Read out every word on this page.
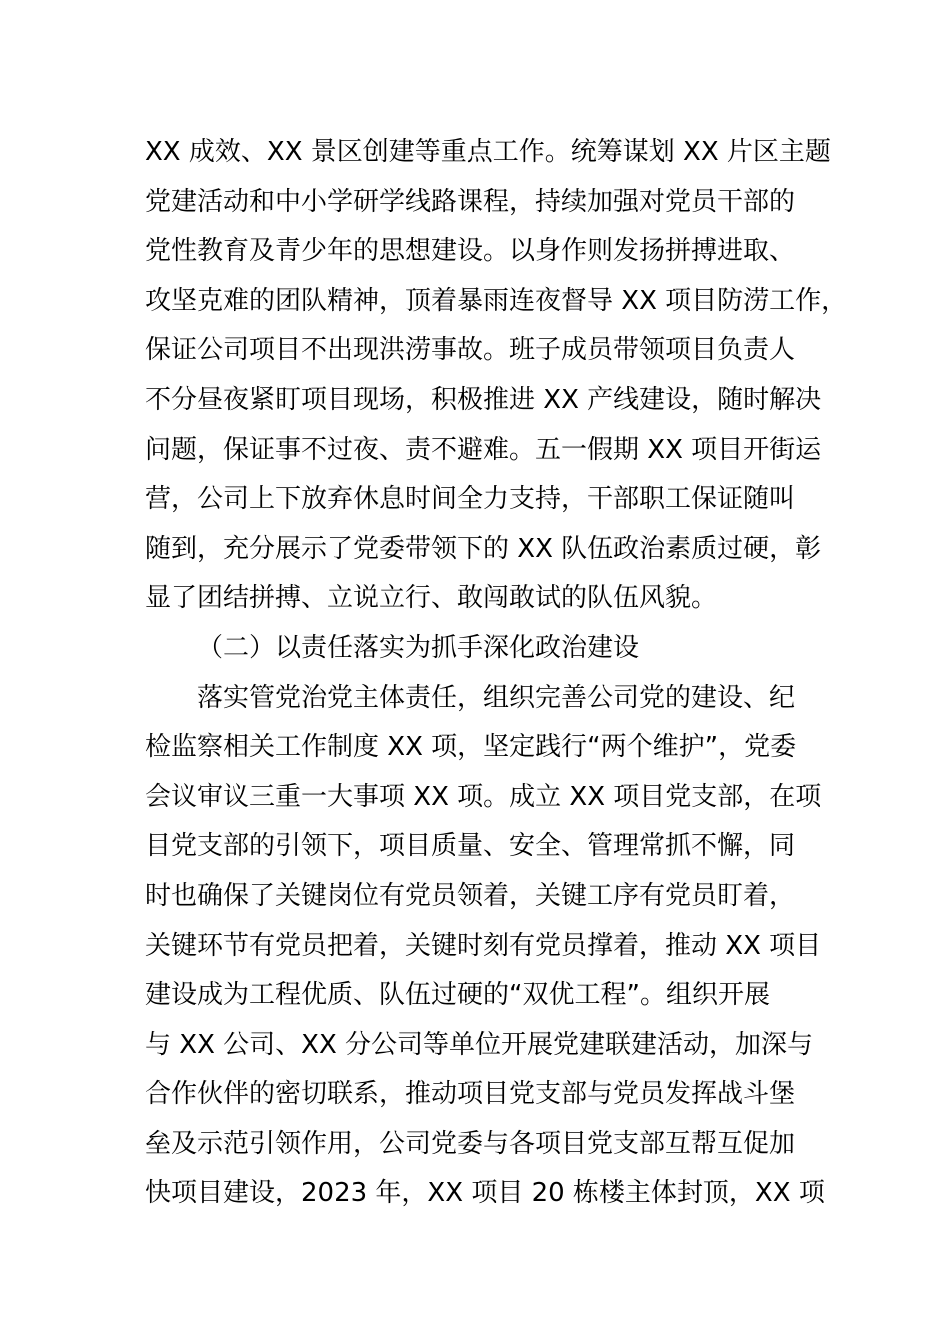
XX 成效、XX 景区创建等重点工作。统筹谋划 XX 片区主题
党建活动和中小学研学线路课程，持续加强对党员干部的
党性教育及青少年的思想建设。以身作则发扬拼搏进取、
攻坚克难的团队精神，顶着暴雨连夜督导 XX 项目防涝工作，
保证公司项目不出现洪涝事故。班子成员带领项目负责人
不分昼夜紧盯项目现场，积极推进 XX 产线建设，随时解决
问题，保证事不过夜、责不避难。五一假期 XX 项目开街运
营，公司上下放弃休息时间全力支持，干部职工保证随叫
随到，充分展示了党委带领下的 XX 队伍政治素质过硬，彰
显了团结拼搏、立说立行、敢闯敢试的队伍风貌。
（二）以责任落实为抓手深化政治建设
落实管党治党主体责任，组织完善公司党的建设、纪
检监察相关工作制度 XX 项，坚定践行“两个维护”，党委
会议审议三重一大事项 XX 项。成立 XX 项目党支部，在项
目党支部的引领下，项目质量、安全、管理常抓不懈，同
时也确保了关键岗位有党员领着，关键工序有党员盯着，
关键环节有党员把着，关键时刻有党员撑着，推动 XX 项目
建设成为工程优质、队伍过硬的“双优工程”。组织开展
与 XX 公司、XX 分公司等单位开展党建联建活动，加深与
合作伙伴的密切联系，推动项目党支部与党员发挥战斗堡
垒及示范引领作用，公司党委与各项目党支部互帮互促加
快项目建设，2023 年，XX 项目 20 栋楼主体封顶，XX 项
